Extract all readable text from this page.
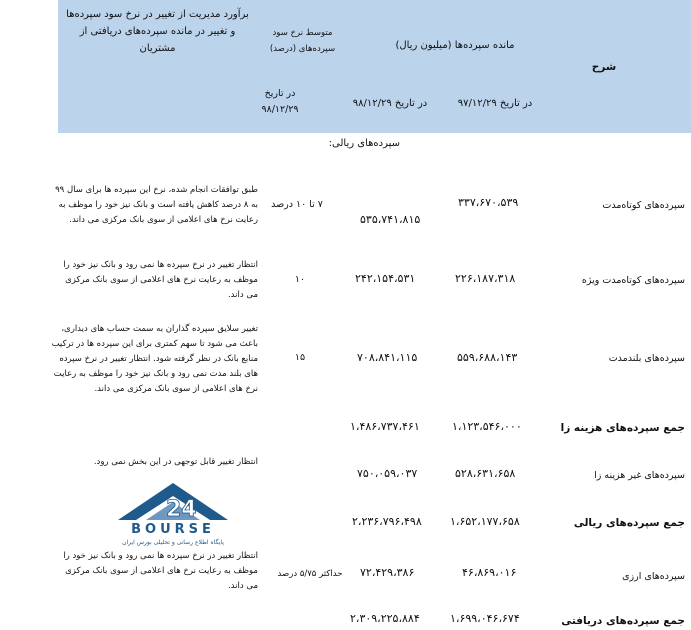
برآورد مدیریت از تغییر در نرخ سود سپرده‌ها
و تغییر در مانده سپرده‌های دریافتی از
مشتریان
متوسط نرخ سود
سپرده‌های (درصد)
در تاریخ
۹۸/۱۲/۲۹
مانده سپرده‌ها (میلیون ریال)
در تاریخ ۹۸/۱۲/۲۹	در تاریخ ۹۷/۱۲/۲۹
شرح
سپرده‌های ریالی:
سپرده‌های کوتاه‌مدت
۳۳۷،۶۷۰،۵۳۹
۵۳۵،۷۴۱،۸۱۵
۷ تا ۱۰ درصد
طبق توافقات انجام شده، نرخ این سپرده ها برای سال ۹۹
به ۸ درصد کاهش یافته است و بانک نیز خود را موظف به
رعایت نرخ های اعلامی از سوی بانک مرکزی می داند.
سپرده‌های کوتاه‌مدت ویژه
۲۲۶،۱۸۷،۳۱۸
۲۴۲،۱۵۴،۵۳۱
۱۰
انتظار تغییر در نرخ سپرده ها نمی رود و بانک نیز خود را
موظف به رعایت نرخ های اعلامی از سوی بانک مرکزی
می داند.
سپرده‌های بلندمدت
۵۵۹،۶۸۸،۱۴۳
۷۰۸،۸۴۱،۱۱۵
۱۵
تغییر سلایق سپرده گذاران به سمت حساب های دیداری،
باعث می شود تا سهم کمتری برای این سپرده ها در ترکیب
منابع بانک در نظر گرفته شود. انتظار تغییر در نرخ سپرده
های بلند مدت نمی رود و بانک نیز خود را موظف به رعایت
نرخ های اعلامی از سوی بانک مرکزی می داند.
جمع سپرده‌های هزینه زا
۱،۱۲۳،۵۴۶،۰۰۰
۱،۴۸۶،۷۳۷،۴۶۱
سپرده‌های غیر هزینه زا
۵۲۸،۶۳۱،۶۵۸
۷۵۰،۰۵۹،۰۳۷
انتظار تغییر قابل توجهی در این بخش نمی رود.
24
BOURSE
پایگاه اطلاع رسانی و تحلیلی بورس ایران
جمع سپرده‌های ریالی
۱،۶۵۲،۱۷۷،۶۵۸
۲،۲۳۶،۷۹۶،۴۹۸
سپرده‌های ارزی
۴۶،۸۶۹،۰۱۶
۷۲،۴۲۹،۳۸۶
حداکثر ۵/۷۵ درصد
انتظار تغییر در نرخ سپرده ها نمی رود و بانک نیز خود را
موظف به رعایت نرخ های اعلامی از سوی بانک مرکزی
می داند.
جمع سپرده‌های دریافتی
۱،۶۹۹،۰۴۶،۶۷۴
۲،۳۰۹،۲۲۵،۸۸۴
